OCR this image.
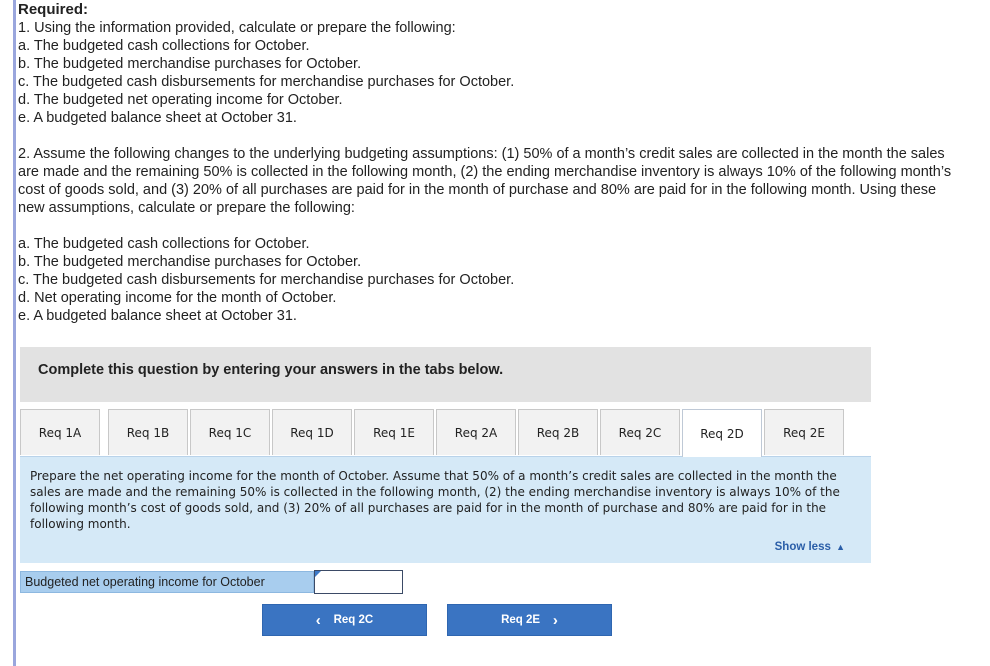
Required:
1. Using the information provided, calculate or prepare the following:
a. The budgeted cash collections for October.
b. The budgeted merchandise purchases for October.
c. The budgeted cash disbursements for merchandise purchases for October.
d. The budgeted net operating income for October.
e. A budgeted balance sheet at October 31.
2. Assume the following changes to the underlying budgeting assumptions: (1) 50% of a month’s credit sales are collected in the month the sales are made and the remaining 50% is collected in the following month, (2) the ending merchandise inventory is always 10% of the following month’s cost of goods sold, and (3) 20% of all purchases are paid for in the month of purchase and 80% are paid for in the following month. Using these new assumptions, calculate or prepare the following:
a. The budgeted cash collections for October.
b. The budgeted merchandise purchases for October.
c. The budgeted cash disbursements for merchandise purchases for October.
d. Net operating income for the month of October.
e. A budgeted balance sheet at October 31.
Complete this question by entering your answers in the tabs below.
Req 1A	Req 1B	Req 1C	Req 1D	Req 1E	Req 2A	Req 2B	Req 2C	Req 2D	Req 2E
Prepare the net operating income for the month of October. Assume that 50% of a month’s credit sales are collected in the month the sales are made and the remaining 50% is collected in the following month, (2) the ending merchandise inventory is always 10% of the following month’s cost of goods sold, and (3) 20% of all purchases are paid for in the month of purchase and 80% are paid for in the following month.
Show less ▲
Budgeted net operating income for October
‹
Req 2C	Req 2E
›
